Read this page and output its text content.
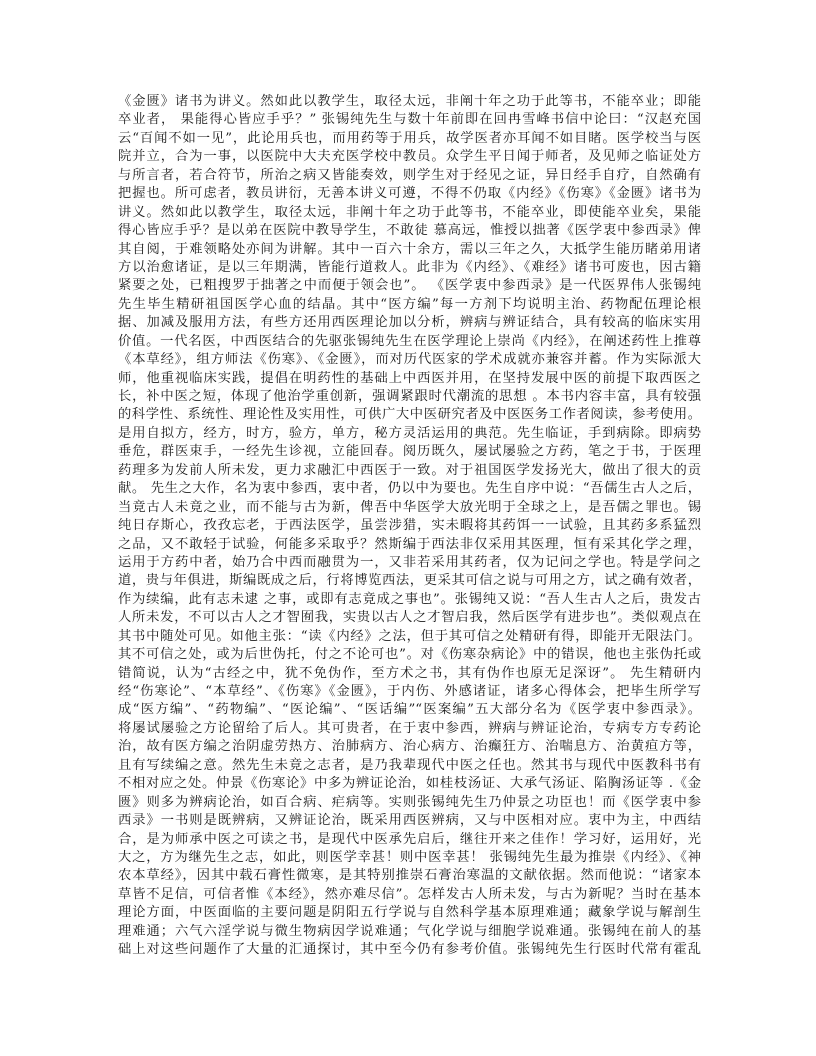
《金匮》诸书为讲义。然如此以教学生，取径太远，非阐十年之功于此等书，不能卒业；即能
卒业者， 果能得心皆应手乎？” 张锡纯先生与数十年前即在回冉雪峰书信中论曰：“汉赵充国
云“百闻不如一见”，此论用兵也，而用药等于用兵，故学医者亦耳闻不如目睹。医学校当与医
院并立，合为一事，以医院中大夫充医学校中教员。众学生平日闻于师者，及见师之临证处方
与所言者，若合符节，所治之病又皆能奏效，则学生对于经见之证，异日经手自疗，自然确有
把握也。所可虑者，教员讲衍，无善本讲义可遵，不得不仍取《内经》《伤寒》《金匮》诸书为
讲义。然如此以教学生，取径太远，非阐十年之功于此等书，不能卒业，即使能卒业矣，果能
得心皆应手乎？是以弟在医院中教导学生，不敢徒 慕高远，惟授以拙著《医学衷中参西录》俾
其自阅，于难领略处亦间为讲解。其中一百六十余方，需以三年之久，大抵学生能历睹弟用诸
方以治愈诸证，是以三年期满，皆能行道救人。此非为《内经》、《难经》诸书可废也，因古籍
紧要之处，已粗搜罗于拙著之中而便于领会也”。 《医学衷中参西录》是一代医界伟人张锡纯
先生毕生精研祖国医学心血的结晶。其中“医方编”每一方剂下均说明主治、药物配伍理论根
据、加减及服用方法，有些方还用西医理论加以分析，辨病与辨证结合，具有较高的临床实用
价值。一代名医，中西医结合的先驱张锡纯先生在医学理论上崇尚《内经》，在阐述药性上推尊
《本草经》，组方师法《伤寒》、《金匮》，而对历代医家的学术成就亦兼容并蓄。作为实际派大
师，他重视临床实践，提倡在明药性的基础上中西医并用，在坚持发展中医的前提下取西医之
长，补中医之短，体现了他治学重创新，强调紧跟时代潮流的思想 。本书内容丰富，具有较强
的科学性、系统性、理论性及实用性，可供广大中医研究者及中医医务工作者阅读，参考使用。
是用自拟方，经方，时方，验方，单方，秘方灵活运用的典范。先生临证，手到病除。即病势
垂危，群医束手，一经先生诊视，立能回春。阅历既久，屡试屡验之方药，笔之于书，于医理
药理多为发前人所未发，更力求融汇中西医于一致。对于祖国医学发扬光大，做出了很大的贡
献。 先生之大作，名为衷中参西，衷中者，仍以中为要也。先生自序中说：“吾儒生古人之后，
当竟古人未竟之业，而不能与古为新，俾吾中华医学大放光明于全球之上，是吾儒之罪也。锡
纯日存斯心，孜孜忘老，于西法医学，虽尝涉猎，实未暇将其药饵一一试验，且其药多系猛烈
之品，又不敢轻于试验，何能多采取乎？然斯编于西法非仅采用其医理，恒有采其化学之理，
运用于方药中者，始乃合中西而融贯为一，又非若采用其药者，仅为记问之学也。特是学问之
道，贵与年俱进，斯编既成之后，行将博览西法，更采其可信之说与可用之方，试之确有效者，
作为续编，此有志未逮 之事，或即有志竟成之事也”。张锡纯又说：“吾人生古人之后，贵发古
人所未发，不可以古人之才智囿我，实贵以古人之才智启我，然后医学有进步也”。类似观点在
其书中随处可见。如他主张：“读《内经》之法，但于其可信之处精研有得，即能开无限法门。
其不可信之处，或为后世伪托，付之不论可也”。对《伤寒杂病论》中的错误，他也主张伪托或
错简说，认为“古经之中，犹不免伪作，至方术之书，其有伪作也原无足深讶”。 先生精研内
经“伤寒论”、“本草经”、《伤寒》《金匮》，于内伤、外感诸证，诸多心得体会，把毕生所学写
成“医方编”、“药物编”、“医论编”、“医话编”“医案编”五大部分名为《医学衷中参西录》。
将屡试屡验之方论留给了后人。其可贵者，在于衷中参西，辨病与辨证论治，专病专方专药论
治，故有医方编之治阴虚劳热方、治肺病方、治心病方、治癫狂方、治喘息方、治黄疸方等，
且有写续编之意。然先生未竟之志者，是乃我辈现代中医之任也。然其书与现代中医教科书有
不相对应之处。仲景《伤寒论》中多为辨证论治，如桂枝汤证、大承气汤证、陷胸汤证等 .《金
匮》则多为辨病论治，如百合病、疟病等。实则张锡纯先生乃仲景之功臣也！而《医学衷中参
西录》一书则是既辨病，又辨证论治，既采用西医辨病，又与中医相对应。衷中为主，中西结
合，是为师承中医之可读之书，是现代中医承先启后，继往开来之佳作！学习好，运用好，光
大之，方为继先生之志，如此，则医学幸甚！则中医幸甚！ 张锡纯先生最为推崇《内经》、《神
农本草经》，因其中载石膏性微寒，是其特别推崇石膏治寒温的文献依据。然而他说：“诸家本
草皆不足信，可信者惟《本经》，然亦难尽信”。怎样发古人所未发，与古为新呢？当时在基本
理论方面，中医面临的主要问题是阴阳五行学说与自然科学基本原理难通；藏象学说与解剖生
理难通；六气六淫学说与微生物病因学说难通；气化学说与细胞学说难通。张锡纯在前人的基
础上对这些问题作了大量的汇通探讨，其中至今仍有参考价值。张锡纯先生行医时代常有霍乱
